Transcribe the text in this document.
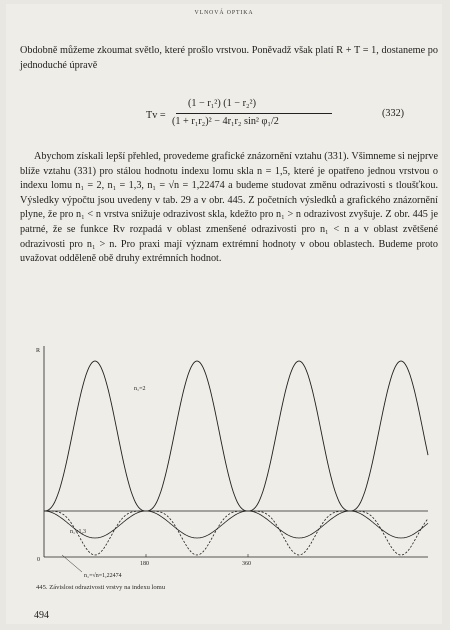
VLNOVÁ OPTIKA

Obdobně můžeme zkoumat světlo, které prošlo vrstvou. Poněvadž však platí R + T = 1, dostaneme po jednoduché úpravě

Tv =
(1 − r₁²) (1 − r₂²)
(1 + r₁r₂)² − 4r₁r₂ sin² φ₁/2
(332)

Abychom získali lepší přehled, provedeme grafické znázornění vztahu (331). Všimneme si nejprve blíže vztahu (331) pro stálou hodnotu indexu lomu skla n = 1,5, které je opatřeno jednou vrstvou o indexu lomu n₁ = 2, n₁ = 1,3, n₁ = √n = 1,22474 a budeme studovat změnu odrazivosti s tloušťkou. Výsledky výpočtu jsou uvedeny v tab. 29 a v obr. 445. Z početních výsledků a grafického znázornění plyne, že pro n₁ < n vrstva snižuje odrazivost skla, kdežto pro n₁ > n odrazivost zvyšuje. Z obr. 445 je patrné, že se funkce Rv rozpadá v oblast zmenšené odrazivosti pro n₁ < n a v oblast zvětšené odrazivosti pro n₁ > n. Pro praxi mají význam extrémní hodnoty v obou oblastech. Budeme proto uvažovat odděleně obě druhy extrémních hodnot.

R
0
180	360
n₁=2
n₁=1,3
n₁=√n=1,22474
445. Závislost odrazivosti vrstvy na indexu lomu
494
